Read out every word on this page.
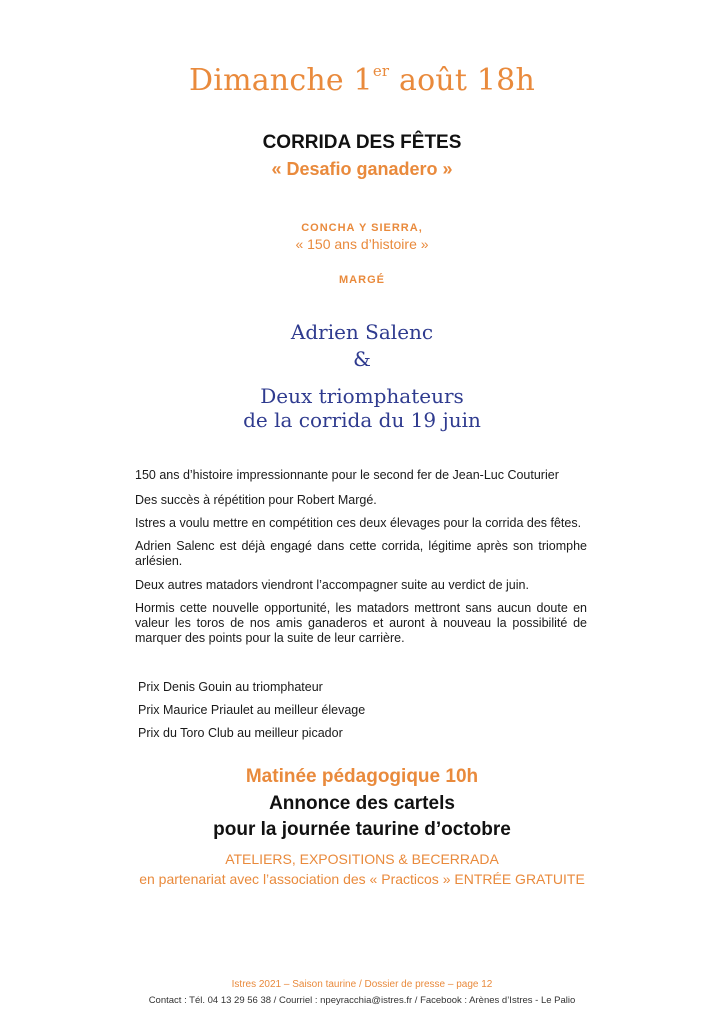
Dimanche 1er août 18h
CORRIDA DES FÊTES
« Desafio ganadero »
CONCHA Y SIERRA,
« 150 ans d’histoire »
MARGÉ
Adrien Salenc
&
Deux triomphateurs
de la corrida du 19 juin
150 ans d’histoire impressionnante pour le second fer de Jean-Luc Couturier
Des succès à répétition pour Robert Margé.
Istres a voulu mettre en compétition ces deux élevages pour la corrida des fêtes.
Adrien Salenc est déjà engagé dans cette corrida, légitime après son triomphe arlésien.
Deux autres matadors viendront l’accompagner suite au verdict de juin.
Hormis cette nouvelle opportunité, les matadors mettront sans aucun doute en valeur les toros de nos amis ganaderos et auront à nouveau la possibilité de marquer des points pour la suite de leur carrière.
Prix Denis Gouin au triomphateur
Prix Maurice Priaulet au meilleur élevage
Prix du Toro Club au meilleur picador
Matinée pédagogique 10h
Annonce des cartels
pour la journée taurine d’octobre
ATELIERS, EXPOSITIONS & BECERRADA
en partenariat avec l’association des « Practicos » ENTRÉE GRATUITE
Istres 2021 – Saison taurine / Dossier de presse – page 12
Contact : Tél. 04 13 29 56 38 / Courriel : npeyracchia@istres.fr / Facebook : Arènes d’Istres - Le Palio
